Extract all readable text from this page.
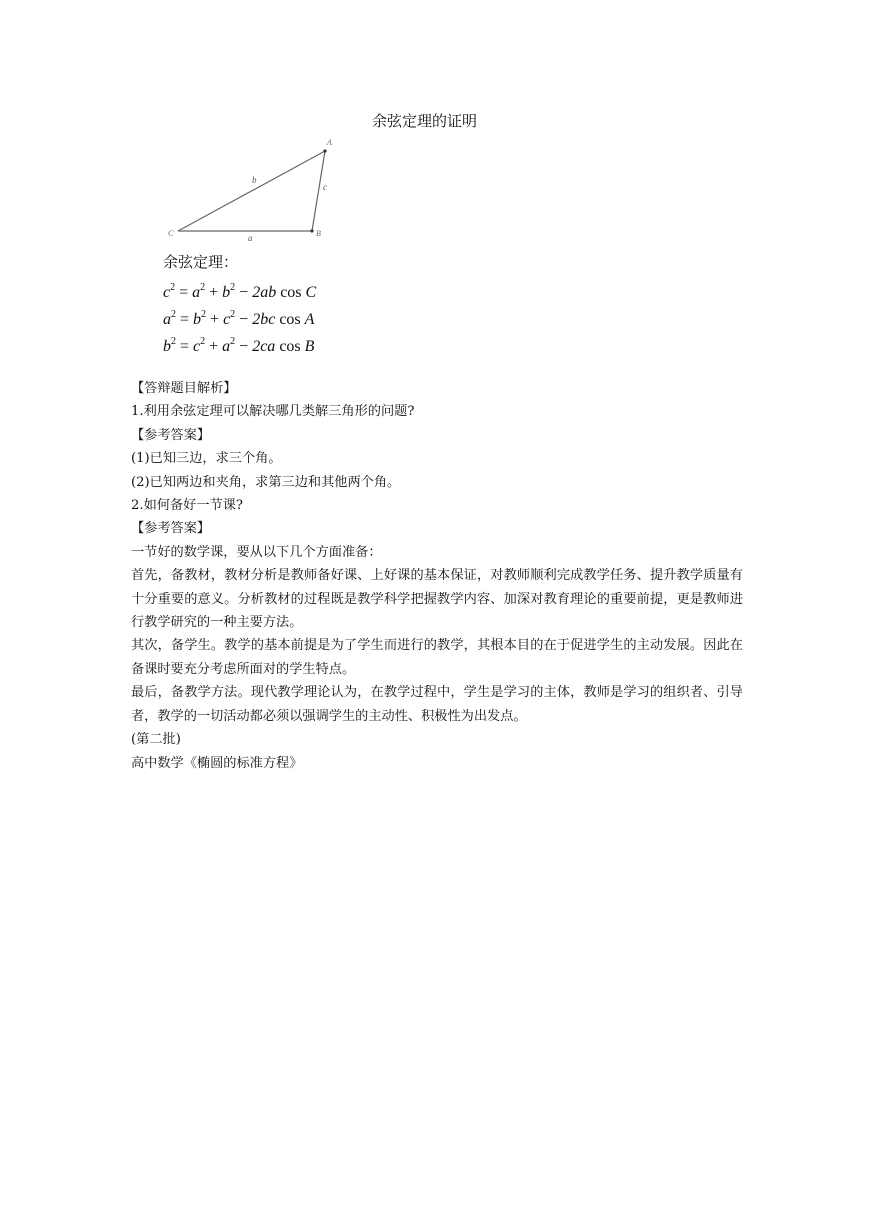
余弦定理的证明
A
B
C
b
c
a
余弦定理：
$c^2 = a^2 + b^2 - 2ab$ cos C
$a^2 = b^2 + c^2 - 2bc$ cos A
$b^2 = c^2 + a^2 - 2ca$ cos B

【答辩题目解析】

1.利用余弦定理可以解决哪几类解三角形的问题?

【参考答案】

(1)已知三边，求三个角。

(2)已知两边和夹角，求第三边和其他两个角。

2.如何备好一节课?

【参考答案】

一节好的数学课，要从以下几个方面准备：

首先，备教材，教材分析是教师备好课、上好课的基本保证，对教师顺利完成教学任务、提升教学质量有十分重要的意义。分析教材的过程既是教学科学把握教学内容、加深对教育理论的重要前提，更是教师进行教学研究的一种主要方法。

其次，备学生。教学的基本前提是为了学生而进行的教学，其根本目的在于促进学生的主动发展。因此在备课时要充分考虑所面对的学生特点。

最后，备教学方法。现代教学理论认为，在教学过程中，学生是学习的主体，教师是学习的组织者、引导者，教学的一切活动都必须以强调学生的主动性、积极性为出发点。

(第二批)

高中数学《椭圆的标准方程》
